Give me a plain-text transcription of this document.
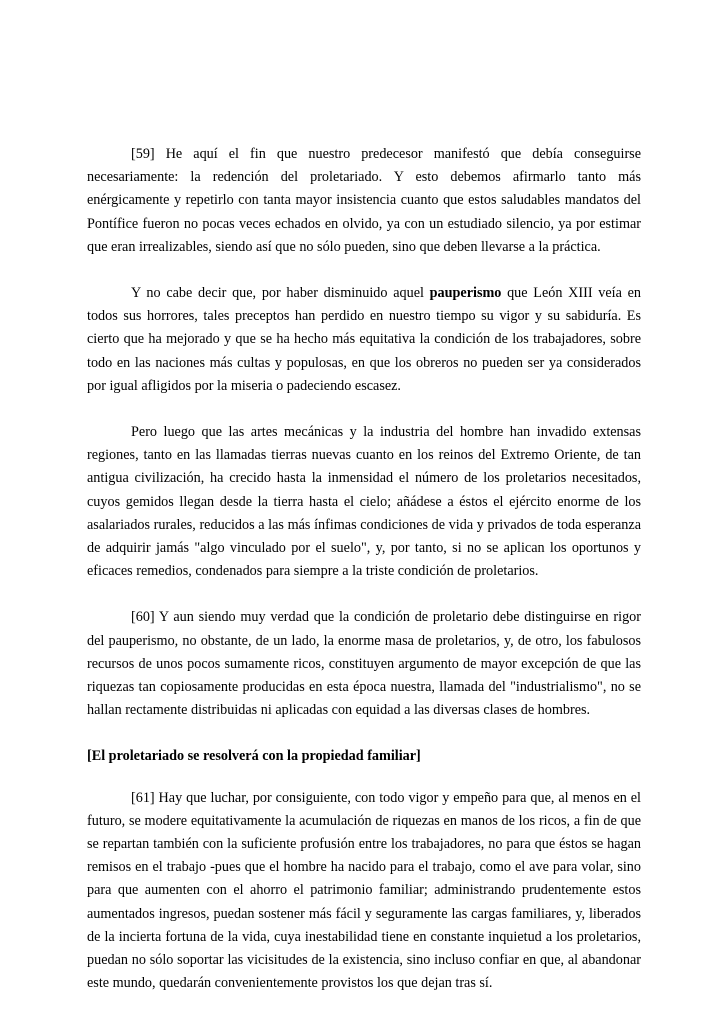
[59] He aquí el fin que nuestro predecesor manifestó que debía conseguirse necesariamente: la redención del proletariado. Y esto debemos afirmarlo tanto más enérgicamente y repetirlo con tanta mayor insistencia cuanto que estos saludables mandatos del Pontífice fueron no pocas veces echados en olvido, ya con un estudiado silencio, ya por estimar que eran irrealizables, siendo así que no sólo pueden, sino que deben llevarse a la práctica.

Y no cabe decir que, por haber disminuido aquel pauperismo que León XIII veía en todos sus horrores, tales preceptos han perdido en nuestro tiempo su vigor y su sabiduría. Es cierto que ha mejorado y que se ha hecho más equitativa la condición de los trabajadores, sobre todo en las naciones más cultas y populosas, en que los obreros no pueden ser ya considerados por igual afligidos por la miseria o padeciendo escasez.

Pero luego que las artes mecánicas y la industria del hombre han invadido extensas regiones, tanto en las llamadas tierras nuevas cuanto en los reinos del Extremo Oriente, de tan antigua civilización, ha crecido hasta la inmensidad el número de los proletarios necesitados, cuyos gemidos llegan desde la tierra hasta el cielo; añádese a éstos el ejército enorme de los asalariados rurales, reducidos a las más ínfimas condiciones de vida y privados de toda esperanza de adquirir jamás "algo vinculado por el suelo", y, por tanto, si no se aplican los oportunos y eficaces remedios, condenados para siempre a la triste condición de proletarios.

[60] Y aun siendo muy verdad que la condición de proletario debe distinguirse en rigor del pauperismo, no obstante, de un lado, la enorme masa de proletarios, y, de otro, los fabulosos recursos de unos pocos sumamente ricos, constituyen argumento de mayor excepción de que las riquezas tan copiosamente producidas en esta época nuestra, llamada del "industrialismo", no se hallan rectamente distribuidas ni aplicadas con equidad a las diversas clases de hombres.

[El proletariado se resolverá con la propiedad familiar]

[61] Hay que luchar, por consiguiente, con todo vigor y empeño para que, al menos en el futuro, se modere equitativamente la acumulación de riquezas en manos de los ricos, a fin de que se repartan también con la suficiente profusión entre los trabajadores, no para que éstos se hagan remisos en el trabajo -pues que el hombre ha nacido para el trabajo, como el ave para volar, sino para que aumenten con el ahorro el patrimonio familiar; administrando prudentemente estos aumentados ingresos, puedan sostener más fácil y seguramente las cargas familiares, y, liberados de la incierta fortuna de la vida, cuya inestabilidad tiene en constante inquietud a los proletarios, puedan no sólo soportar las vicisitudes de la existencia, sino incluso confiar en que, al abandonar este mundo, quedarán convenientemente provistos los que dejan tras sí.
